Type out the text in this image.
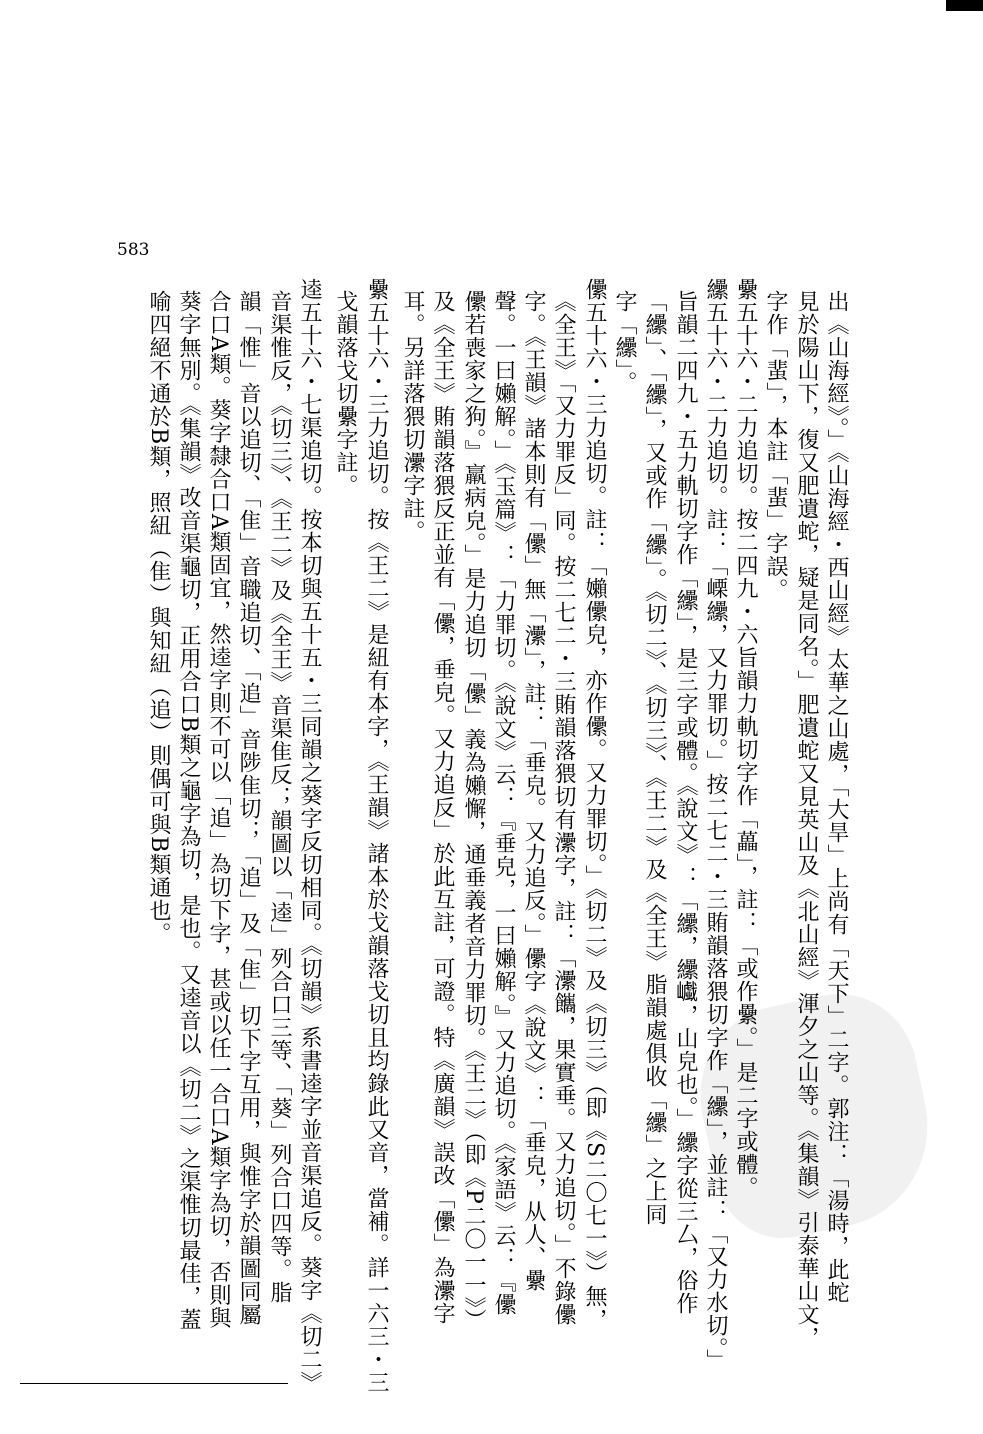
583
出《山海經》。」《山海經・西山經》太華之山處，「大旱」上尚有「天下」二字。郭注：「湯時，此蛇
見於陽山下，復又肥遺蛇，疑是同名。」肥遺蛇又見英山及《北山經》渾夕之山等。《集韻》引泰華山文，
字作「蜚」，本註「蜚」字誤。
纍五十六・二力追切。按二四九・六旨韻力軌切字作「藟」，註：「或作纍。」是二字或體。
纝五十六・二力追切。註：「㟳纝，又力罪切。」按二七二・三賄韻落猥切字作「纝」，並註：「又力水切。」
旨韻二四九・五力軌切字作「纝」，是三字或體。《說文》：「纝，纝𡾟，山皃也。」纝字從三厶，俗作
「纝」、「纝」，又或作「纝」。《切二》、《切三》、《王二》及《全王》脂韻處俱收「纝」之上同
字「纝」。
儽五十六・三力追切。註：「嬾儽皃，亦作儽。又力罪切。」《切二》及《切三》（即《S二〇七一》）無，
《全王》「又力罪反」同。按二七二・三賄韻落猥切有㶟字，註：「㶟䭨，果實垂。又力追切。」不錄儽
字。《王韻》諸本則有「儽」無「㶟」，註：「垂皃。又力追反。」儽字《說文》：「垂皃，从人、纍
聲。一曰嬾解。」《玉篇》：「力罪切。《說文》云：『垂皃，一曰嬾解。』又力追切。《家語》云：『儽
儽若喪家之狗。』羸病皃。」是力追切「儽」義為嬾懈，通垂義者音力罪切。《王二》（即《P二〇一一》）
及《全王》賄韻落猥反正並有「儽，垂皃。又力追反」於此互註，可證。特《廣韻》誤改「儽」為㶟字
耳。另詳落猥切㶟字註。
纍五十六・三力追切。按《王二》是紐有本字，《王韻》諸本於戈韻落戈切且均錄此又音，當補。詳一六三・三
戈韻落戈切纍字註。
逵五十六・七渠追切。按本切與五十五・三同韻之葵字反切相同。《切韻》系書逵字並音渠追反。葵字《切二》
音渠惟反，《切三》、《王二》及《全王》音渠隹反；韻圖以「逵」列合口三等、「葵」列合口四等。脂
韻「惟」音以追切、「隹」音職追切、「追」音陟隹切；「追」及「隹」切下字互用，與惟字於韻圖同屬
合口A類。葵字隸合口A類固宜，然逵字則不可以「追」為切下字，甚或以任一合口A類字為切，否則與
葵字無別。《集韻》改音渠龜切，正用合口B類之龜字為切，是也。又逵音以《切二》之渠惟切最佳，蓋
喻四絕不通於B類，照紐（隹）與知紐（追）則偶可與B類通也。
